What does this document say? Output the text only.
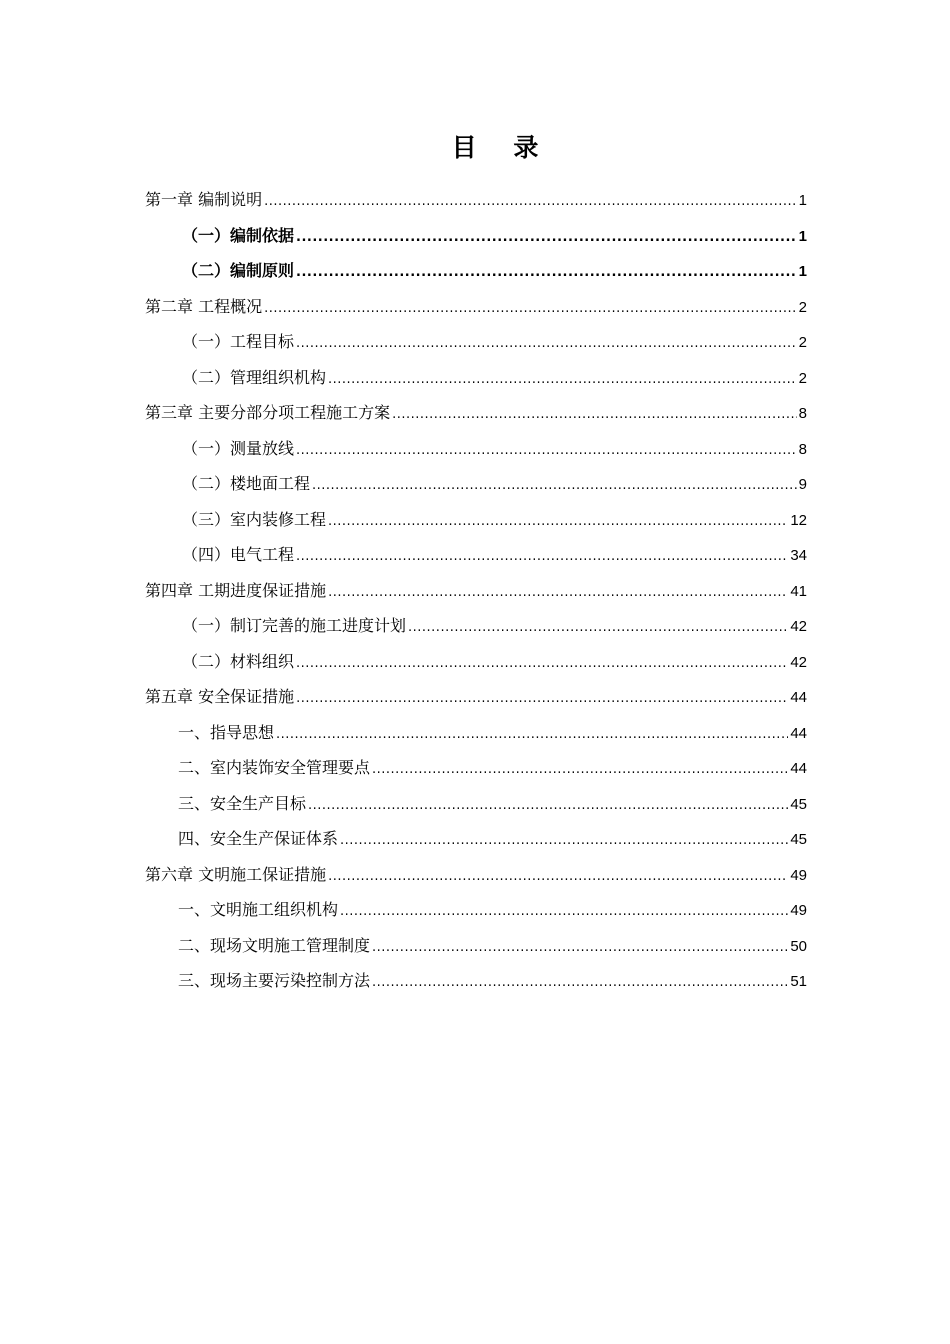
目 录
第一章 编制说明 .....	1
（一）编制依据 .....	1
（二）编制原则 .....	1
第二章 工程概况 .....	2
（一）工程目标 .....	2
（二）管理组织机构 .....	2
第三章 主要分部分项工程施工方案 .....	8
（一）测量放线 .....	8
（二）楼地面工程 .....	9
（三）室内装修工程 .....	12
（四）电气工程 .....	34
第四章 工期进度保证措施 .....	41
（一）制订完善的施工进度计划 .....	42
（二）材料组织 .....	42
第五章 安全保证措施 .....	44
一、指导思想 .....	44
二、室内装饰安全管理要点 .....	44
三、安全生产目标 .....	45
四、安全生产保证体系 .....	45
第六章 文明施工保证措施 .....	49
一、文明施工组织机构 .....	49
二、现场文明施工管理制度 .....	50
三、现场主要污染控制方法 .....	51
